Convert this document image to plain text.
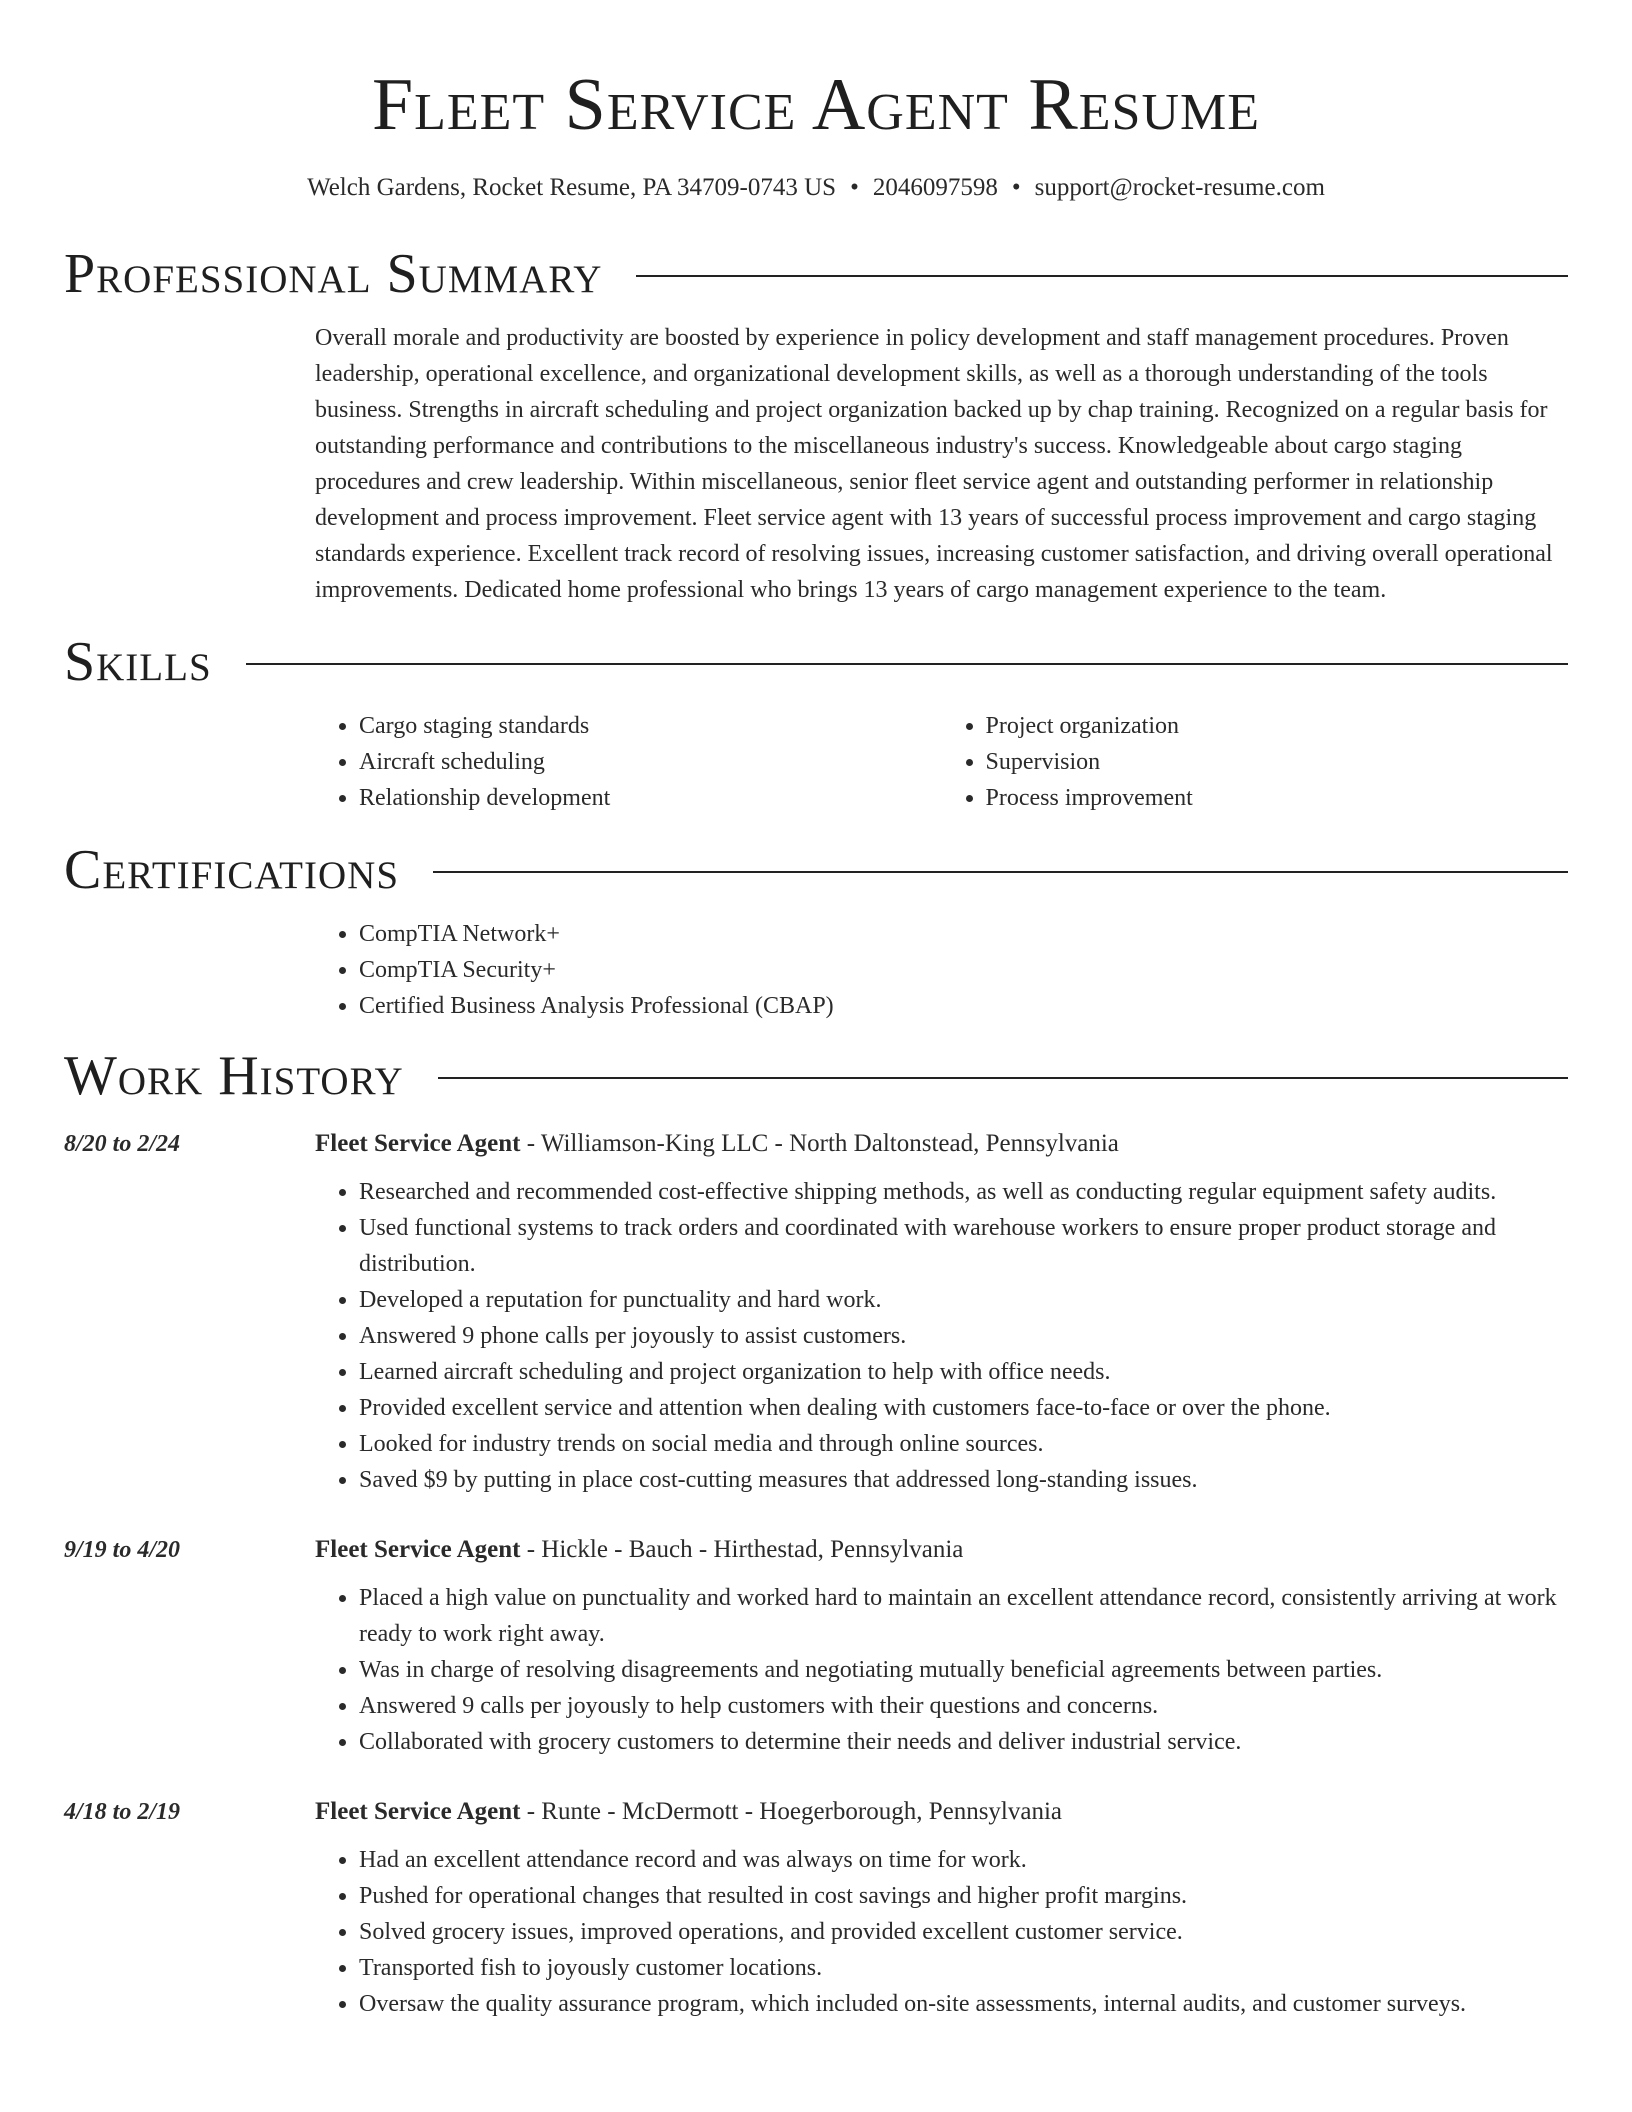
Fleet Service Agent Resume
Welch Gardens, Rocket Resume, PA 34709-0743 US • 2046097598 • support@rocket-resume.com
Professional Summary

Overall morale and productivity are boosted by experience in policy development and staff management procedures. Proven leadership, operational excellence, and organizational development skills, as well as a thorough understanding of the tools business. Strengths in aircraft scheduling and project organization backed up by chap training. Recognized on a regular basis for outstanding performance and contributions to the miscellaneous industry's success. Knowledgeable about cargo staging procedures and crew leadership. Within miscellaneous, senior fleet service agent and outstanding performer in relationship development and process improvement. Fleet service agent with 13 years of successful process improvement and cargo staging standards experience. Excellent track record of resolving issues, increasing customer satisfaction, and driving overall operational improvements. Dedicated home professional who brings 13 years of cargo management experience to the team.

Skills
• Cargo staging standards
• Aircraft scheduling
• Relationship development
• Project organization
• Supervision
• Process improvement
Certifications
• CompTIA Network+
• CompTIA Security+
• Certified Business Analysis Professional (CBAP)
Work History
8/20 to 2/24	Fleet Service Agent - Williamson-King LLC - North Daltonstead, Pennsylvania
• Researched and recommended cost-effective shipping methods, as well as conducting regular equipment safety audits.
• Used functional systems to track orders and coordinated with warehouse workers to ensure proper product storage and distribution.
• Developed a reputation for punctuality and hard work.
• Answered 9 phone calls per joyously to assist customers.
• Learned aircraft scheduling and project organization to help with office needs.
• Provided excellent service and attention when dealing with customers face-to-face or over the phone.
• Looked for industry trends on social media and through online sources.
• Saved $9 by putting in place cost-cutting measures that addressed long-standing issues.
9/19 to 4/20	Fleet Service Agent - Hickle - Bauch - Hirthestad, Pennsylvania
• Placed a high value on punctuality and worked hard to maintain an excellent attendance record, consistently arriving at work ready to work right away.
• Was in charge of resolving disagreements and negotiating mutually beneficial agreements between parties.
• Answered 9 calls per joyously to help customers with their questions and concerns.
• Collaborated with grocery customers to determine their needs and deliver industrial service.
4/18 to 2/19	Fleet Service Agent - Runte - McDermott - Hoegerborough, Pennsylvania
• Had an excellent attendance record and was always on time for work.
• Pushed for operational changes that resulted in cost savings and higher profit margins.
• Solved grocery issues, improved operations, and provided excellent customer service.
• Transported fish to joyously customer locations.
• Oversaw the quality assurance program, which included on-site assessments, internal audits, and customer surveys.
